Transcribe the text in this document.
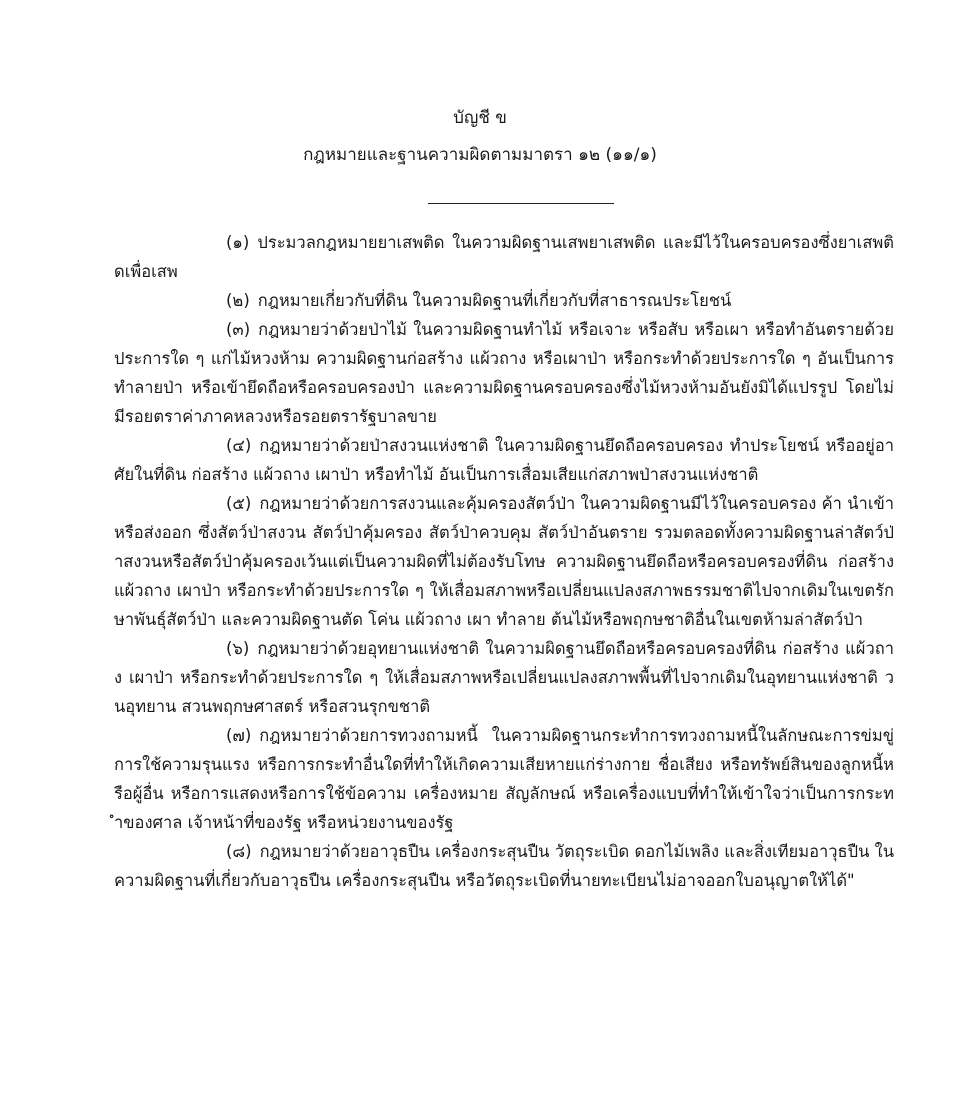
บัญชี ข
กฎหมายและฐานความผิดตามมาตรา ๑๒ (๑๑/๑)

(๑) ประมวลกฎหมายยาเสพติด ในความผิดฐานเสพยาเสพติด และมีไว้ในครอบครองซึ่งยาเสพติดเพื่อเสพ

(๒) กฎหมายเกี่ยวกับที่ดิน ในความผิดฐานที่เกี่ยวกับที่สาธารณประโยชน์

(๓) กฎหมายว่าด้วยป่าไม้ ในความผิดฐานทำไม้ หรือเจาะ หรือสับ หรือเผา หรือทำอันตรายด้วยประการใด ๆ แก่ไม้หวงห้าม ความผิดฐานก่อสร้าง แผ้วถาง หรือเผาป่า หรือกระทำด้วยประการใด ๆ อันเป็นการทำลายป่า หรือเข้ายึดถือหรือครอบครองป่า และความผิดฐานครอบครองซึ่งไม้หวงห้ามอันยังมิได้แปรรูป โดยไม่มีรอยตราค่าภาคหลวงหรือรอยตรารัฐบาลขาย

(๔) กฎหมายว่าด้วยป่าสงวนแห่งชาติ ในความผิดฐานยึดถือครอบครอง ทำประโยชน์ หรืออยู่อาศัยในที่ดิน ก่อสร้าง แผ้วถาง เผาป่า หรือทำไม้ อันเป็นการเสื่อมเสียแก่สภาพป่าสงวนแห่งชาติ

(๕) กฎหมายว่าด้วยการสงวนและคุ้มครองสัตว์ป่า ในความผิดฐานมีไว้ในครอบครอง ค้า นำเข้า หรือส่งออก ซึ่งสัตว์ป่าสงวน สัตว์ป่าคุ้มครอง สัตว์ป่าควบคุม สัตว์ป่าอันตราย รวมตลอดทั้งความผิดฐานล่าสัตว์ป่าสงวนหรือสัตว์ป่าคุ้มครองเว้นแต่เป็นความผิดที่ไม่ต้องรับโทษ ความผิดฐานยึดถือหรือครอบครองที่ดิน ก่อสร้าง แผ้วถาง เผาป่า หรือกระทำด้วยประการใด ๆ ให้เสื่อมสภาพหรือเปลี่ยนแปลงสภาพธรรมชาติไปจากเดิมในเขตรักษาพันธุ์สัตว์ป่า และความผิดฐานตัด โค่น แผ้วถาง เผา ทำลาย ต้นไม้หรือพฤกษชาติอื่นในเขตห้ามล่าสัตว์ป่า

(๖) กฎหมายว่าด้วยอุทยานแห่งชาติ ในความผิดฐานยึดถือหรือครอบครองที่ดิน ก่อสร้าง แผ้วถาง เผาป่า หรือกระทำด้วยประการใด ๆ ให้เสื่อมสภาพหรือเปลี่ยนแปลงสภาพพื้นที่ไปจากเดิมในอุทยานแห่งชาติ วนอุทยาน สวนพฤกษศาสตร์ หรือสวนรุกขชาติ

(๗) กฎหมายว่าด้วยการทวงถามหนี้ ในความผิดฐานกระทำการทวงถามหนี้ในลักษณะการข่มขู่ การใช้ความรุนแรง หรือการกระทำอื่นใดที่ทำให้เกิดความเสียหายแก่ร่างกาย ชื่อเสียง หรือทรัพย์สินของลูกหนี้หรือผู้อื่น หรือการแสดงหรือการใช้ข้อความ เครื่องหมาย สัญลักษณ์ หรือเครื่องแบบที่ทำให้เข้าใจว่าเป็นการกระทำของศาล เจ้าหน้าที่ของรัฐ หรือหน่วยงานของรัฐ

(๘) กฎหมายว่าด้วยอาวุธปืน เครื่องกระสุนปืน วัตถุระเบิด ดอกไม้เพลิง และสิ่งเทียมอาวุธปืน ในความผิดฐานที่เกี่ยวกับอาวุธปืน เครื่องกระสุนปืน หรือวัตถุระเบิดที่นายทะเบียนไม่อาจออกใบอนุญาตให้ได้"
